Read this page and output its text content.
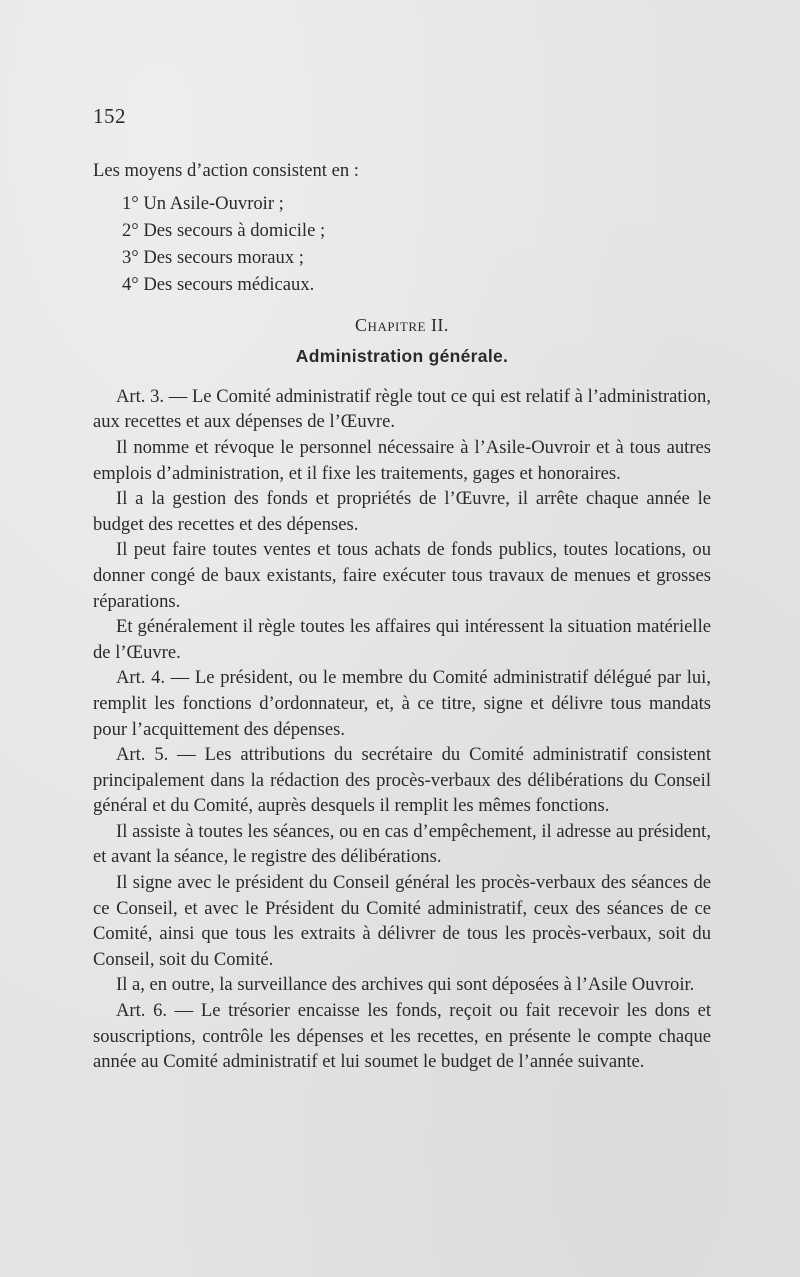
152

Les moyens d’action consistent en :

1° Un Asile-Ouvroir ;

2° Des secours à domicile ;

3° Des secours moraux ;

4° Des secours médicaux.

Chapitre II.

Administration générale.

Art. 3. — Le Comité administratif règle tout ce qui est relatif à l’administration, aux recettes et aux dépenses de l’Œuvre.

Il nomme et révoque le personnel nécessaire à l’Asile-Ouvroir et à tous autres emplois d’administration, et il fixe les traitements, gages et honoraires.

Il a la gestion des fonds et propriétés de l’Œuvre, il arrête chaque année le budget des recettes et des dépenses.

Il peut faire toutes ventes et tous achats de fonds publics, toutes locations, ou donner congé de baux existants, faire exécuter tous travaux de menues et grosses réparations.

Et généralement il règle toutes les affaires qui intéressent la situation matérielle de l’Œuvre.

Art. 4. — Le président, ou le membre du Comité administratif délégué par lui, remplit les fonctions d’ordonnateur, et, à ce titre, signe et délivre tous mandats pour l’acquittement des dépenses.

Art. 5. — Les attributions du secrétaire du Comité administratif consistent principalement dans la rédaction des procès-verbaux des délibérations du Conseil général et du Comité, auprès desquels il remplit les mêmes fonctions.

Il assiste à toutes les séances, ou en cas d’empêchement, il adresse au président, et avant la séance, le registre des délibérations.

Il signe avec le président du Conseil général les procès-verbaux des séances de ce Conseil, et avec le Président du Comité administratif, ceux des séances de ce Comité, ainsi que tous les extraits à délivrer de tous les procès-verbaux, soit du Conseil, soit du Comité.

Il a, en outre, la surveillance des archives qui sont déposées à l’Asile Ouvroir.

Art. 6. — Le trésorier encaisse les fonds, reçoit ou fait recevoir les dons et souscriptions, contrôle les dépenses et les recettes, en présente le compte chaque année au Comité administratif et lui soumet le budget de l’année suivante.
